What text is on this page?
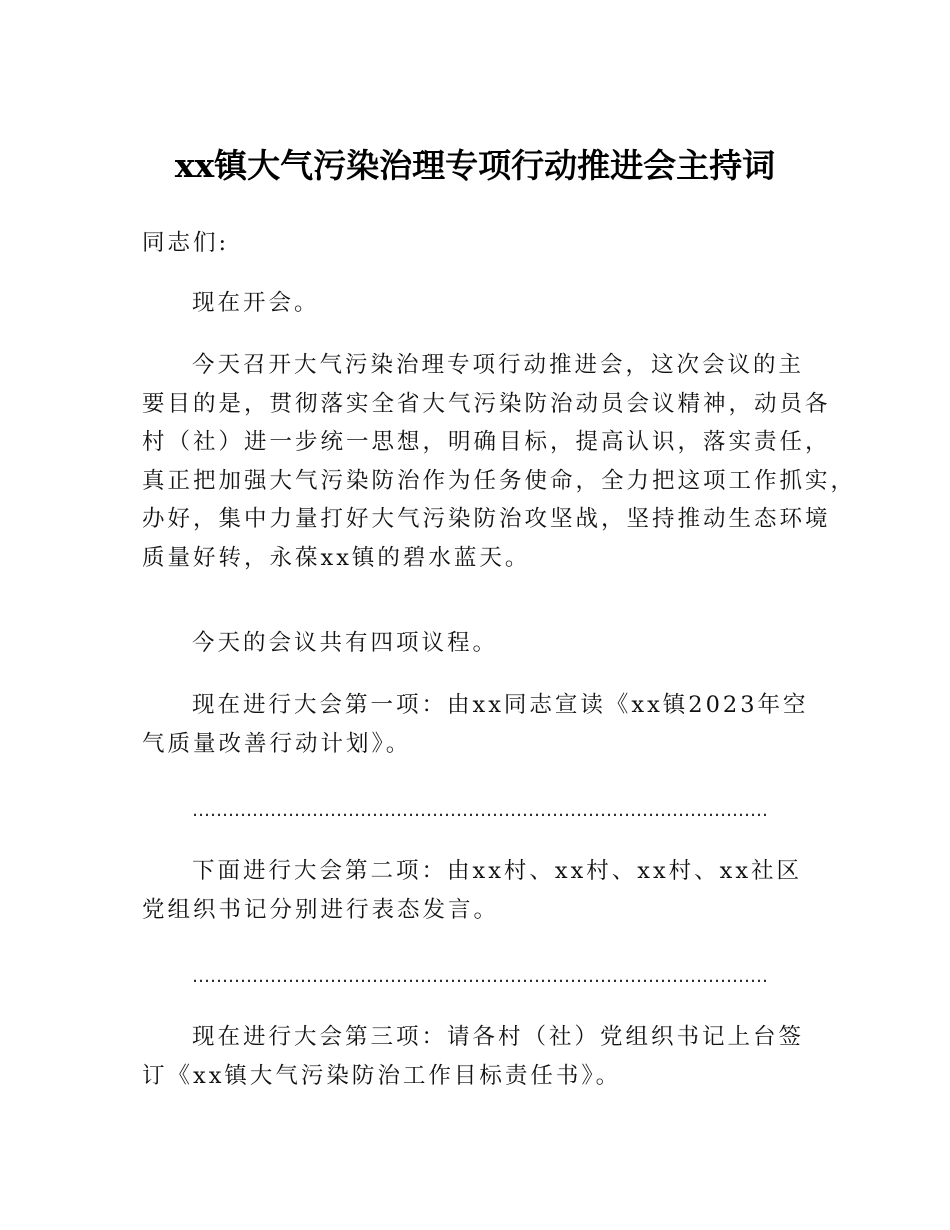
xx镇大气污染治理专项行动推进会主持词

同志们:

现在开会。

今天召开大气污染治理专项行动推进会，这次会议的主

要目的是，贯彻落实全省大气污染防治动员会议精神，动员各

村（社）进一步统一思想，明确目标，提高认识，落实责任，

真正把加强大气污染防治作为任务使命，全力把这项工作抓实，

办好，集中力量打好大气污染防治攻坚战，坚持推动生态环境

质量好转，永葆xx镇的碧水蓝天。

今天的会议共有四项议程。

现在进行大会第一项：由xx同志宣读《xx镇2023年空

气质量改善行动计划》。

……………………………………………………………………………………

下面进行大会第二项：由xx村、xx村、xx村、xx社区

党组织书记分别进行表态发言。

……………………………………………………………………………………

现在进行大会第三项：请各村（社）党组织书记上台签

订《xx镇大气污染防治工作目标责任书》。
